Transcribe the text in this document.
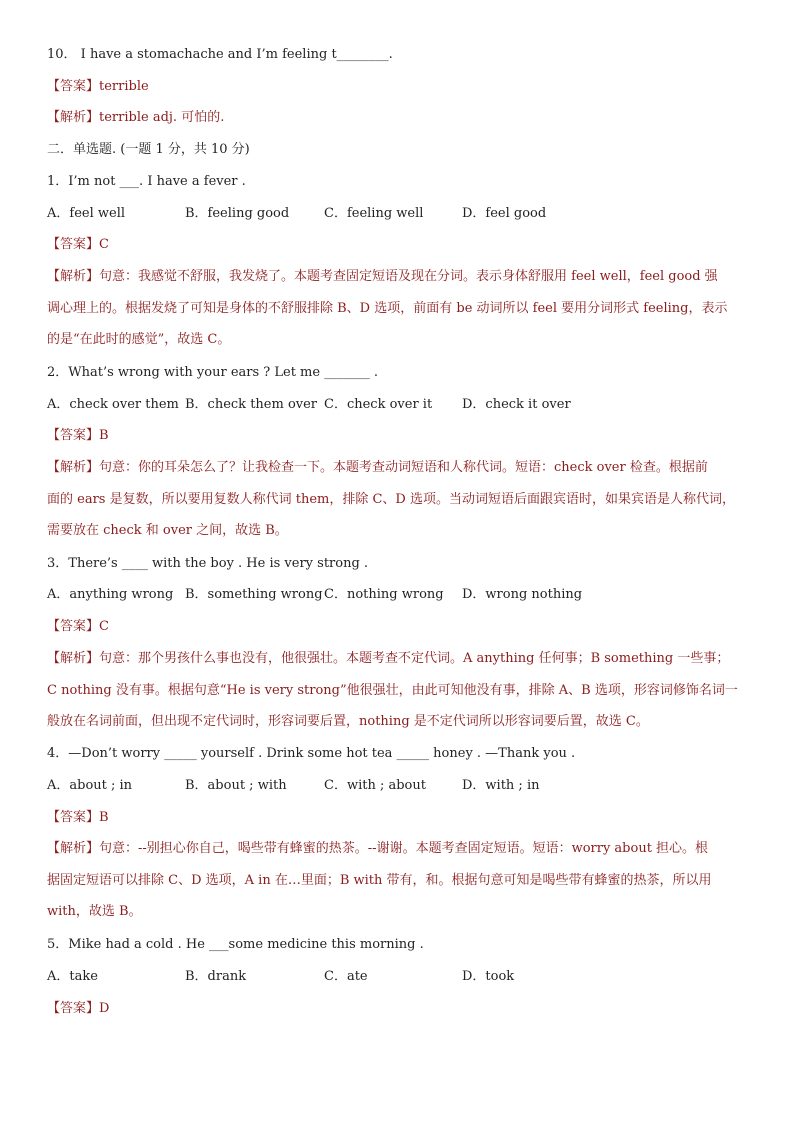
10． I have a stomachache and I’m feeling t________.
【答案】terrible
【解析】terrible adj. 可怕的.
二．单选题. (一题 1 分，共 10 分)
1．I’m not ___. I have a fever .
A．feel well	B．feeling good	C．feeling well	D．feel good
【答案】C
【解析】句意：我感觉不舒服，我发烧了。本题考查固定短语及现在分词。表示身体舒服用 feel well，feel good 强
调心理上的。根据发烧了可知是身体的不舒服排除 B、D 选项，前面有 be 动词所以 feel 要用分词形式 feeling，表示
的是“在此时的感觉”，故选 C。
2．What’s wrong with your ears ? Let me _______ .
A．check over them B．check them over C．check over it D．check it over
【答案】B
【解析】句意：你的耳朵怎么了？让我检查一下。本题考查动词短语和人称代词。短语：check over 检查。根据前
面的 ears 是复数，所以要用复数人称代词 them，排除 C、D 选项。当动词短语后面跟宾语时，如果宾语是人称代词，
需要放在 check 和 over 之间，故选 B。
3．There’s ____ with the boy . He is very strong .
A．anything wrong B．something wrong C．nothing wrong D．wrong nothing
【答案】C
【解析】句意：那个男孩什么事也没有，他很强壮。本题考查不定代词。A anything 任何事；B something 一些事；
C nothing 没有事。根据句意“He is very strong”他很强壮，由此可知他没有事，排除 A、B 选项，形容词修饰名词一
般放在名词前面，但出现不定代词时，形容词要后置，nothing 是不定代词所以形容词要后置，故选 C。
4．—Don’t worry _____ yourself . Drink some hot tea _____ honey . —Thank you .
A．about ; in	B．about ; with	C．with ; about	D．with ; in
【答案】B
【解析】句意：--别担心你自己，喝些带有蜂蜜的热茶。--谢谢。本题考查固定短语。短语：worry about 担心。根
据固定短语可以排除 C、D 选项，A in 在…里面；B with 带有，和。根据句意可知是喝些带有蜂蜜的热茶，所以用
with，故选 B。
5．Mike had a cold . He ___some medicine this morning .
A．take	B．drank	C．ate	D．took
【答案】D
